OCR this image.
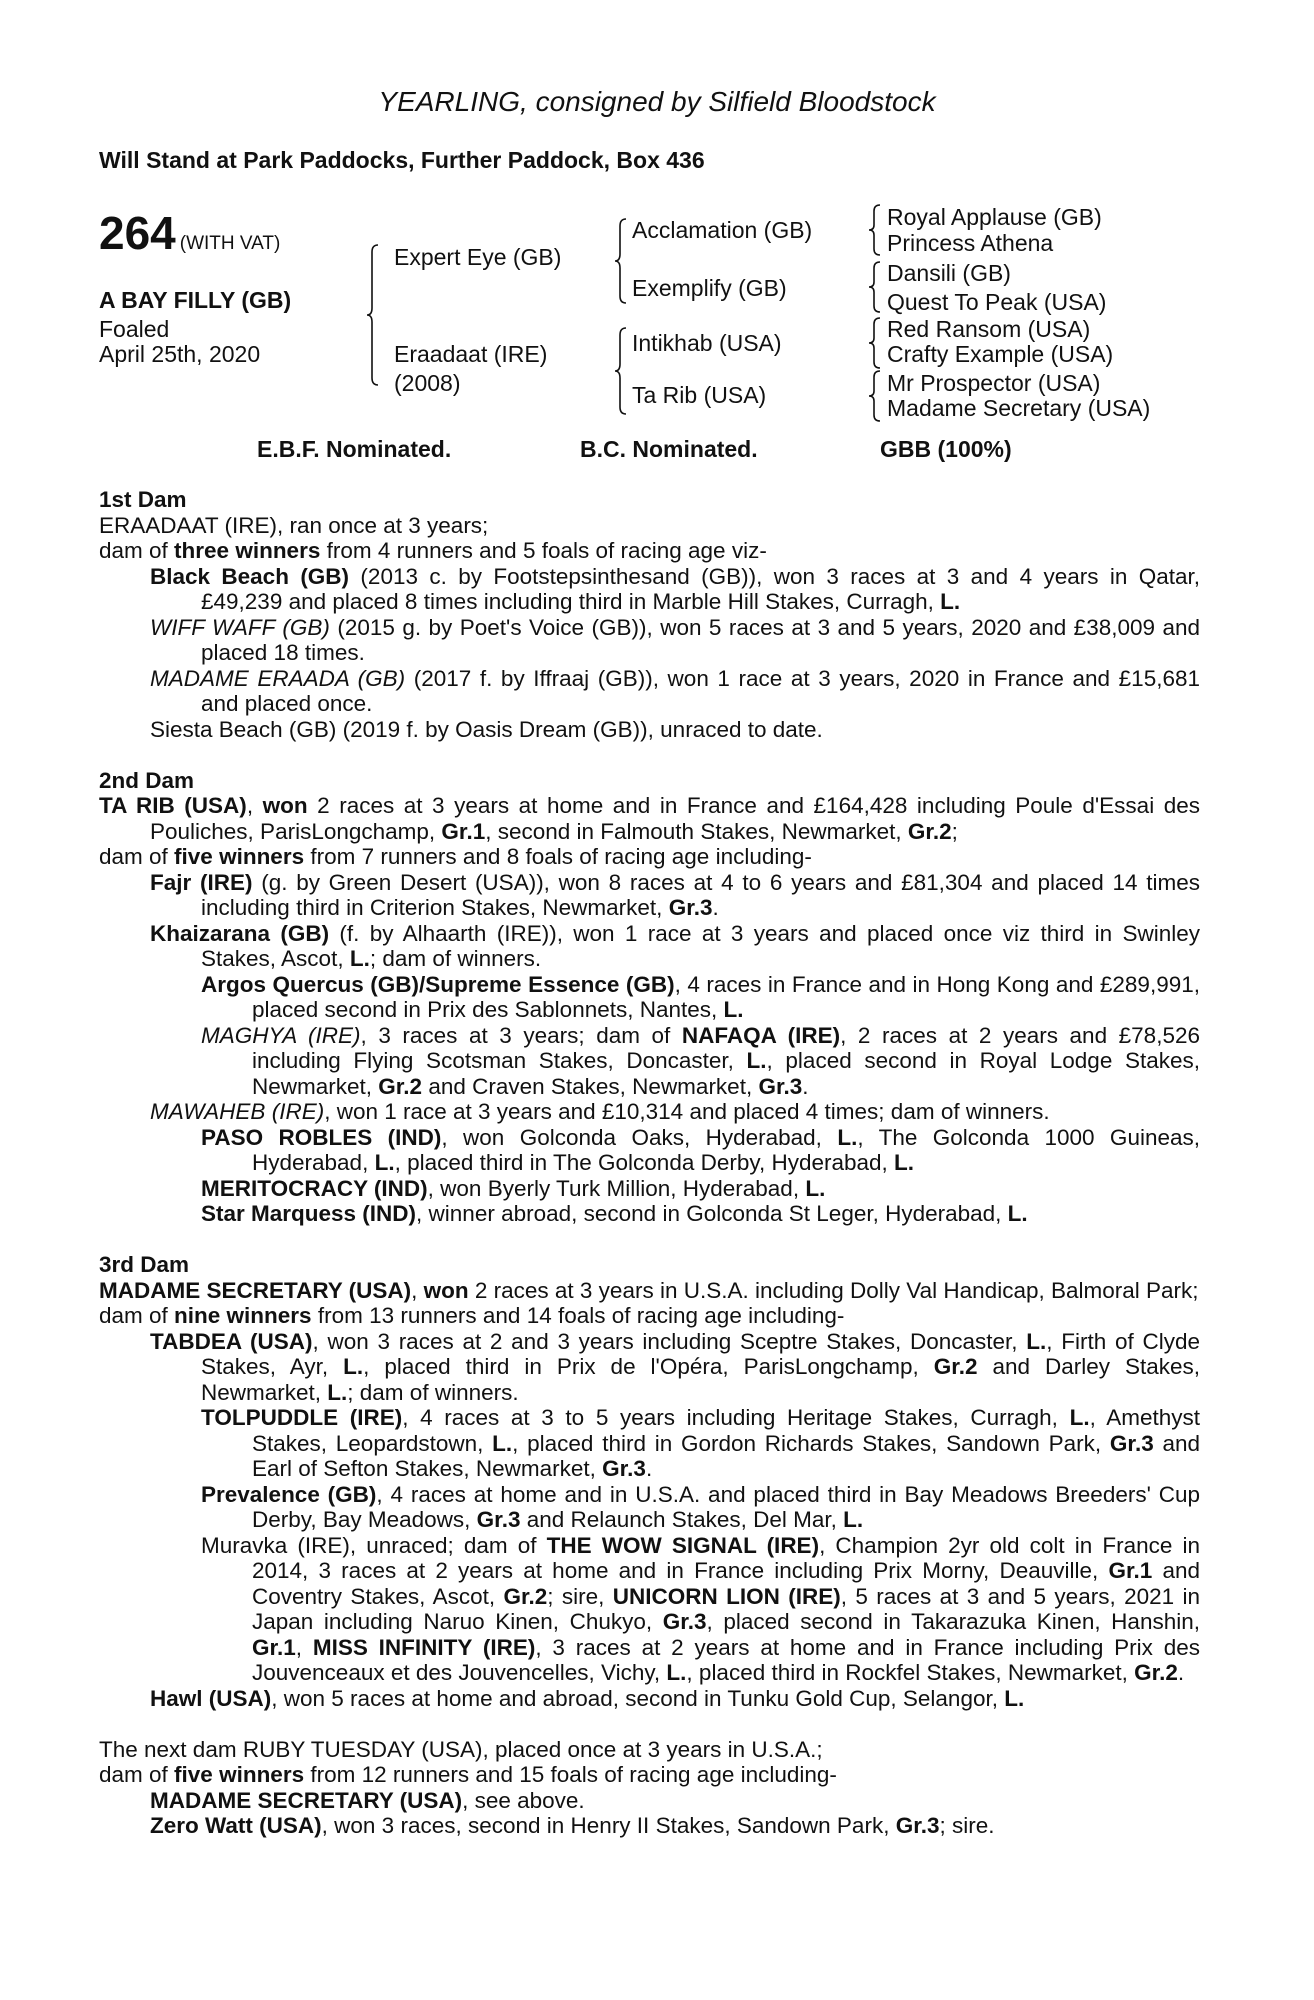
YEARLING, consigned by Silfield Bloodstock
Will Stand at Park Paddocks, Further Paddock, Box 436
264 (WITH VAT)
A BAY FILLY (GB)
Foaled
April 25th, 2020
Expert Eye (GB)
Eraadaat (IRE)
(2008)
Acclamation (GB)
Exemplify (GB)
Intikhab (USA)
Ta Rib (USA)
Royal Applause (GB)
Princess Athena
Dansili (GB)
Quest To Peak (USA)
Red Ransom (USA)
Crafty Example (USA)
Mr Prospector (USA)
Madame Secretary (USA)
E.B.F. Nominated.	B.C. Nominated.	GBB (100%)
1st Dam
ERAADAAT (IRE), ran once at 3 years;
dam of three winners from 4 runners and 5 foals of racing age viz-
Black Beach (GB) (2013 c. by Footstepsinthesand (GB)), won 3 races at 3 and 4 years in Qatar, £49,239 and placed 8 times including third in Marble Hill Stakes, Curragh, L.
WIFF WAFF (GB) (2015 g. by Poet's Voice (GB)), won 5 races at 3 and 5 years, 2020 and £38,009 and placed 18 times.
MADAME ERAADA (GB) (2017 f. by Iffraaj (GB)), won 1 race at 3 years, 2020 in France and £15,681 and placed once.
Siesta Beach (GB) (2019 f. by Oasis Dream (GB)), unraced to date.
2nd Dam
TA RIB (USA), won 2 races at 3 years at home and in France and £164,428 including Poule d'Essai des Pouliches, ParisLongchamp, Gr.1, second in Falmouth Stakes, Newmarket, Gr.2;
dam of five winners from 7 runners and 8 foals of racing age including-
Fajr (IRE) (g. by Green Desert (USA)), won 8 races at 4 to 6 years and £81,304 and placed 14 times including third in Criterion Stakes, Newmarket, Gr.3.
Khaizarana (GB) (f. by Alhaarth (IRE)), won 1 race at 3 years and placed once viz third in Swinley Stakes, Ascot, L.; dam of winners.
Argos Quercus (GB)/Supreme Essence (GB), 4 races in France and in Hong Kong and £289,991, placed second in Prix des Sablonnets, Nantes, L.
MAGHYA (IRE), 3 races at 3 years; dam of NAFAQA (IRE), 2 races at 2 years and £78,526 including Flying Scotsman Stakes, Doncaster, L., placed second in Royal Lodge Stakes, Newmarket, Gr.2 and Craven Stakes, Newmarket, Gr.3.
MAWAHEB (IRE), won 1 race at 3 years and £10,314 and placed 4 times; dam of winners.
PASO ROBLES (IND), won Golconda Oaks, Hyderabad, L., The Golconda 1000 Guineas, Hyderabad, L., placed third in The Golconda Derby, Hyderabad, L.
MERITOCRACY (IND), won Byerly Turk Million, Hyderabad, L.
Star Marquess (IND), winner abroad, second in Golconda St Leger, Hyderabad, L.
3rd Dam
MADAME SECRETARY (USA), won 2 races at 3 years in U.S.A. including Dolly Val Handicap, Balmoral Park;
dam of nine winners from 13 runners and 14 foals of racing age including-
TABDEA (USA), won 3 races at 2 and 3 years including Sceptre Stakes, Doncaster, L., Firth of Clyde Stakes, Ayr, L., placed third in Prix de l'Opéra, ParisLongchamp, Gr.2 and Darley Stakes, Newmarket, L.; dam of winners.
TOLPUDDLE (IRE), 4 races at 3 to 5 years including Heritage Stakes, Curragh, L., Amethyst Stakes, Leopardstown, L., placed third in Gordon Richards Stakes, Sandown Park, Gr.3 and Earl of Sefton Stakes, Newmarket, Gr.3.
Prevalence (GB), 4 races at home and in U.S.A. and placed third in Bay Meadows Breeders' Cup Derby, Bay Meadows, Gr.3 and Relaunch Stakes, Del Mar, L.
Muravka (IRE), unraced; dam of THE WOW SIGNAL (IRE), Champion 2yr old colt in France in 2014, 3 races at 2 years at home and in France including Prix Morny, Deauville, Gr.1 and Coventry Stakes, Ascot, Gr.2; sire, UNICORN LION (IRE), 5 races at 3 and 5 years, 2021 in Japan including Naruo Kinen, Chukyo, Gr.3, placed second in Takarazuka Kinen, Hanshin, Gr.1, MISS INFINITY (IRE), 3 races at 2 years at home and in France including Prix des Jouvenceaux et des Jouvencelles, Vichy, L., placed third in Rockfel Stakes, Newmarket, Gr.2.
Hawl (USA), won 5 races at home and abroad, second in Tunku Gold Cup, Selangor, L.
The next dam RUBY TUESDAY (USA), placed once at 3 years in U.S.A.;
dam of five winners from 12 runners and 15 foals of racing age including-
MADAME SECRETARY (USA), see above.
Zero Watt (USA), won 3 races, second in Henry II Stakes, Sandown Park, Gr.3; sire.
